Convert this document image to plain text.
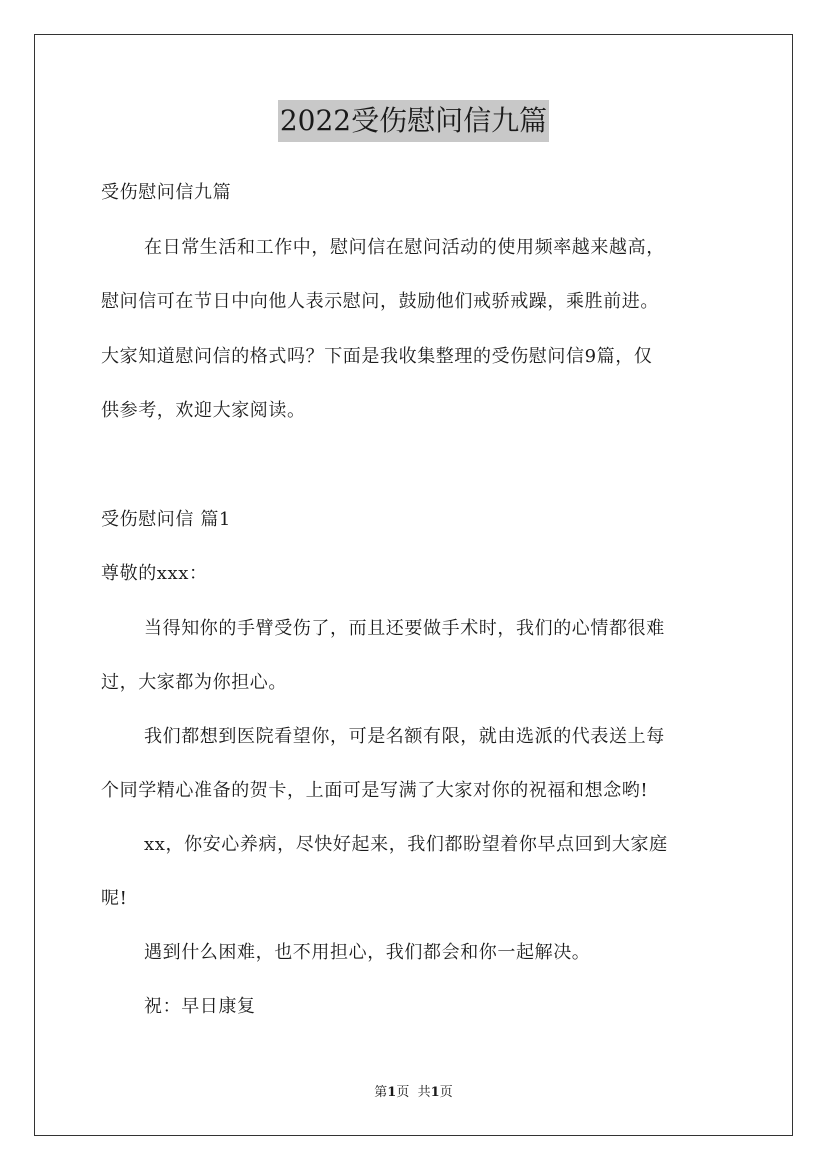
2022受伤慰问信九篇

受伤慰问信九篇

在日常生活和工作中，慰问信在慰问活动的使用频率越来越高，

慰问信可在节日中向他人表示慰问，鼓励他们戒骄戒躁，乘胜前进。

大家知道慰问信的格式吗？下面是我收集整理的受伤慰问信9篇，仅

供参考，欢迎大家阅读。

受伤慰问信 篇1

尊敬的xxx：

当得知你的手臂受伤了，而且还要做手术时，我们的心情都很难

过，大家都为你担心。

我们都想到医院看望你，可是名额有限，就由选派的代表送上每

个同学精心准备的贺卡，上面可是写满了大家对你的祝福和想念哟!

xx，你安心养病，尽快好起来，我们都盼望着你早点回到大家庭

呢!

遇到什么困难，也不用担心，我们都会和你一起解决。

祝：早日康复

第1页 共1页
